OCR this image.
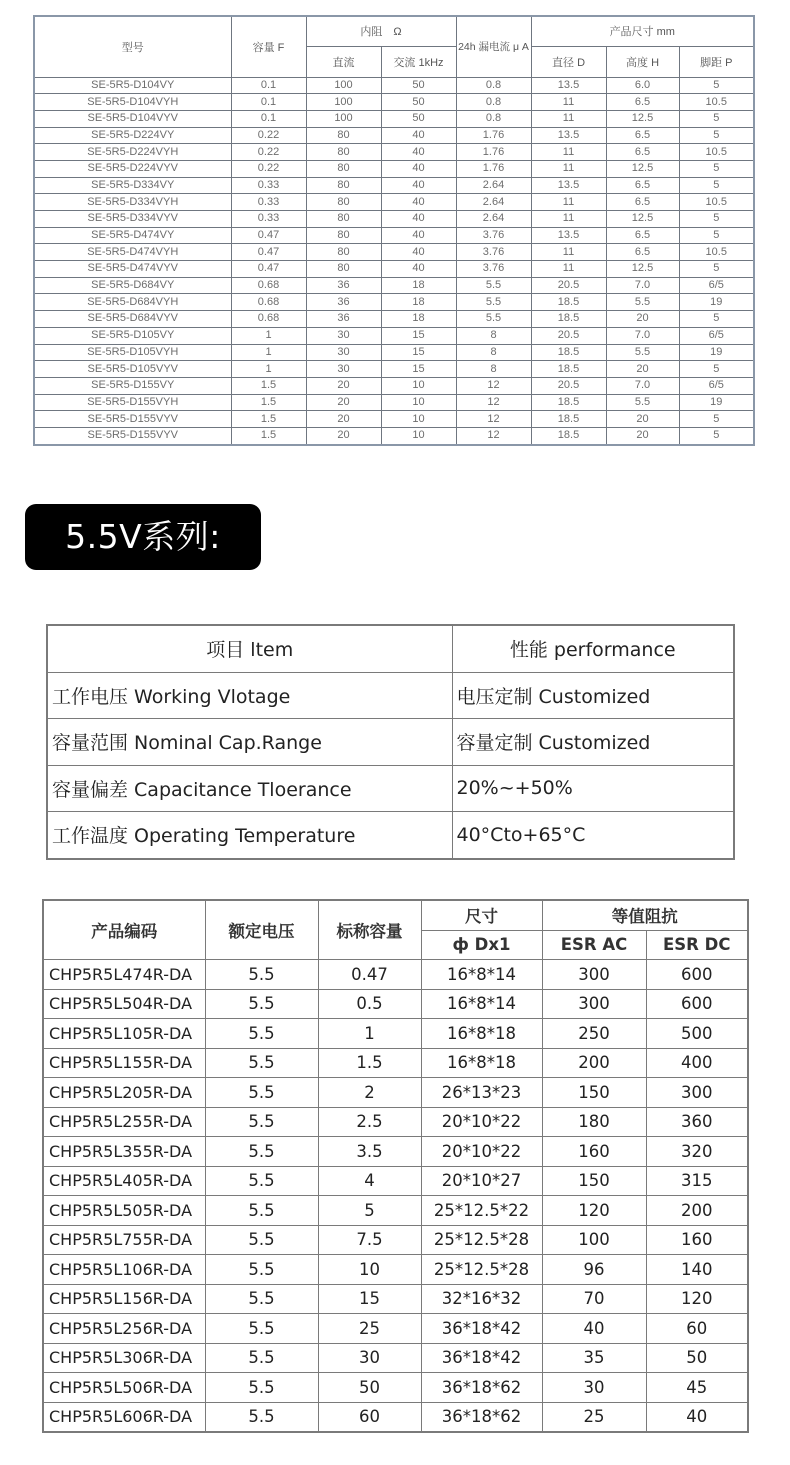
型号	容量 F	内阻　Ω		24h 漏电流 μ A	产品尺寸 mm		
		直流	交流 1kHz		直径 D	高度 H	脚距 P
SE-5R5-D104VY	0.1	100	50	0.8	13.5	6.0	5
SE-5R5-D104VYH	0.1	100	50	0.8	11	6.5	10.5
SE-5R5-D104VYV	0.1	100	50	0.8	11	12.5	5
SE-5R5-D224VY	0.22	80	40	1.76	13.5	6.5	5
SE-5R5-D224VYH	0.22	80	40	1.76	11	6.5	10.5
SE-5R5-D224VYV	0.22	80	40	1.76	11	12.5	5
SE-5R5-D334VY	0.33	80	40	2.64	13.5	6.5	5
SE-5R5-D334VYH	0.33	80	40	2.64	11	6.5	10.5
SE-5R5-D334VYV	0.33	80	40	2.64	11	12.5	5
SE-5R5-D474VY	0.47	80	40	3.76	13.5	6.5	5
SE-5R5-D474VYH	0.47	80	40	3.76	11	6.5	10.5
SE-5R5-D474VYV	0.47	80	40	3.76	11	12.5	5
SE-5R5-D684VY	0.68	36	18	5.5	20.5	7.0	6/5
SE-5R5-D684VYH	0.68	36	18	5.5	18.5	5.5	19
SE-5R5-D684VYV	0.68	36	18	5.5	18.5	20	5
SE-5R5-D105VY	1	30	15	8	20.5	7.0	6/5
SE-5R5-D105VYH	1	30	15	8	18.5	5.5	19
SE-5R5-D105VYV	1	30	15	8	18.5	20	5
SE-5R5-D155VY	1.5	20	10	12	20.5	7.0	6/5
SE-5R5-D155VYH	1.5	20	10	12	18.5	5.5	19
SE-5R5-D155VYV	1.5	20	10	12	18.5	20	5
SE-5R5-D155VYV	1.5	20	10	12	18.5	20	5
5.5V系列:
项目 ltem	性能 performance
工作电压 Working Vlotage	电压定制 Customized
容量范围 Nominal Cap.Range	容量定制 Customized
容量偏差 Capacitance Tloerance	20%~+50%
工作温度 Operating Temperature	40°Cto+65°C
产品编码	额定电压	标称容量	尺寸	等值阻抗	
			ф Dx1	ESR AC	ESR DC
CHP5R5L474R-DA	5.5	0.47	16*8*14	300	600
CHP5R5L504R-DA	5.5	0.5	16*8*14	300	600
CHP5R5L105R-DA	5.5	1	16*8*18	250	500
CHP5R5L155R-DA	5.5	1.5	16*8*18	200	400
CHP5R5L205R-DA	5.5	2	26*13*23	150	300
CHP5R5L255R-DA	5.5	2.5	20*10*22	180	360
CHP5R5L355R-DA	5.5	3.5	20*10*22	160	320
CHP5R5L405R-DA	5.5	4	20*10*27	150	315
CHP5R5L505R-DA	5.5	5	25*12.5*22	120	200
CHP5R5L755R-DA	5.5	7.5	25*12.5*28	100	160
CHP5R5L106R-DA	5.5	10	25*12.5*28	96	140
CHP5R5L156R-DA	5.5	15	32*16*32	70	120
CHP5R5L256R-DA	5.5	25	36*18*42	40	60
CHP5R5L306R-DA	5.5	30	36*18*42	35	50
CHP5R5L506R-DA	5.5	50	36*18*62	30	45
CHP5R5L606R-DA	5.5	60	36*18*62	25	40
